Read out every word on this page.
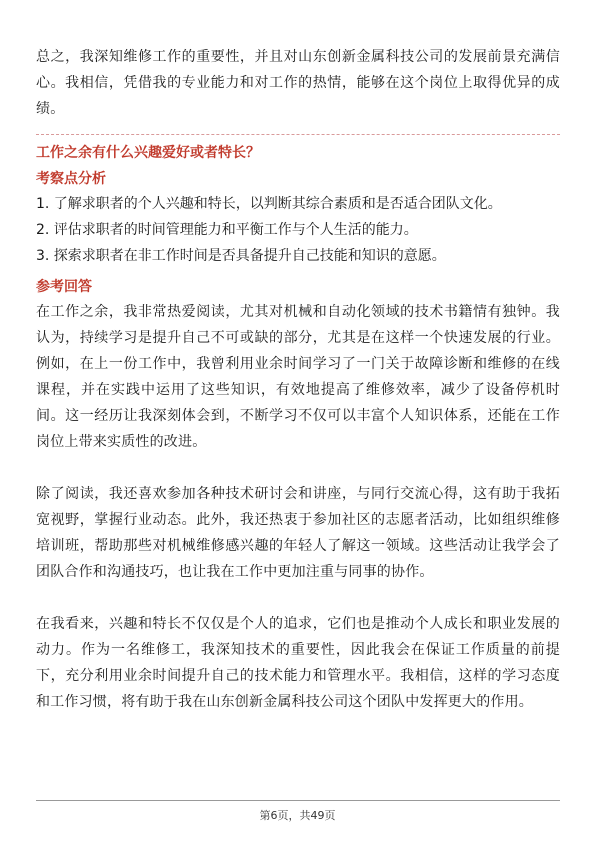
总之，我深知维修工作的重要性，并且对山东创新金属科技公司的发展前景充满信心。我相信，凭借我的专业能力和对工作的热情，能够在这个岗位上取得优异的成绩。

工作之余有什么兴趣爱好或者特长？
考察点分析
1. 了解求职者的个人兴趣和特长，以判断其综合素质和是否适合团队文化。
2. 评估求职者的时间管理能力和平衡工作与个人生活的能力。
3. 探索求职者在非工作时间是否具备提升自己技能和知识的意愿。
参考回答

在工作之余，我非常热爱阅读，尤其对机械和自动化领域的技术书籍情有独钟。我认为，持续学习是提升自己不可或缺的部分，尤其是在这样一个快速发展的行业。例如，在上一份工作中，我曾利用业余时间学习了一门关于故障诊断和维修的在线课程，并在实践中运用了这些知识，有效地提高了维修效率，减少了设备停机时间。这一经历让我深刻体会到，不断学习不仅可以丰富个人知识体系，还能在工作岗位上带来实质性的改进。

除了阅读，我还喜欢参加各种技术研讨会和讲座，与同行交流心得，这有助于我拓宽视野，掌握行业动态。此外，我还热衷于参加社区的志愿者活动，比如组织维修培训班，帮助那些对机械维修感兴趣的年轻人了解这一领域。这些活动让我学会了团队合作和沟通技巧，也让我在工作中更加注重与同事的协作。

在我看来，兴趣和特长不仅仅是个人的追求，它们也是推动个人成长和职业发展的动力。作为一名维修工，我深知技术的重要性，因此我会在保证工作质量的前提下，充分利用业余时间提升自己的技术能力和管理水平。我相信，这样的学习态度和工作习惯，将有助于我在山东创新金属科技公司这个团队中发挥更大的作用。

第6页，共49页
